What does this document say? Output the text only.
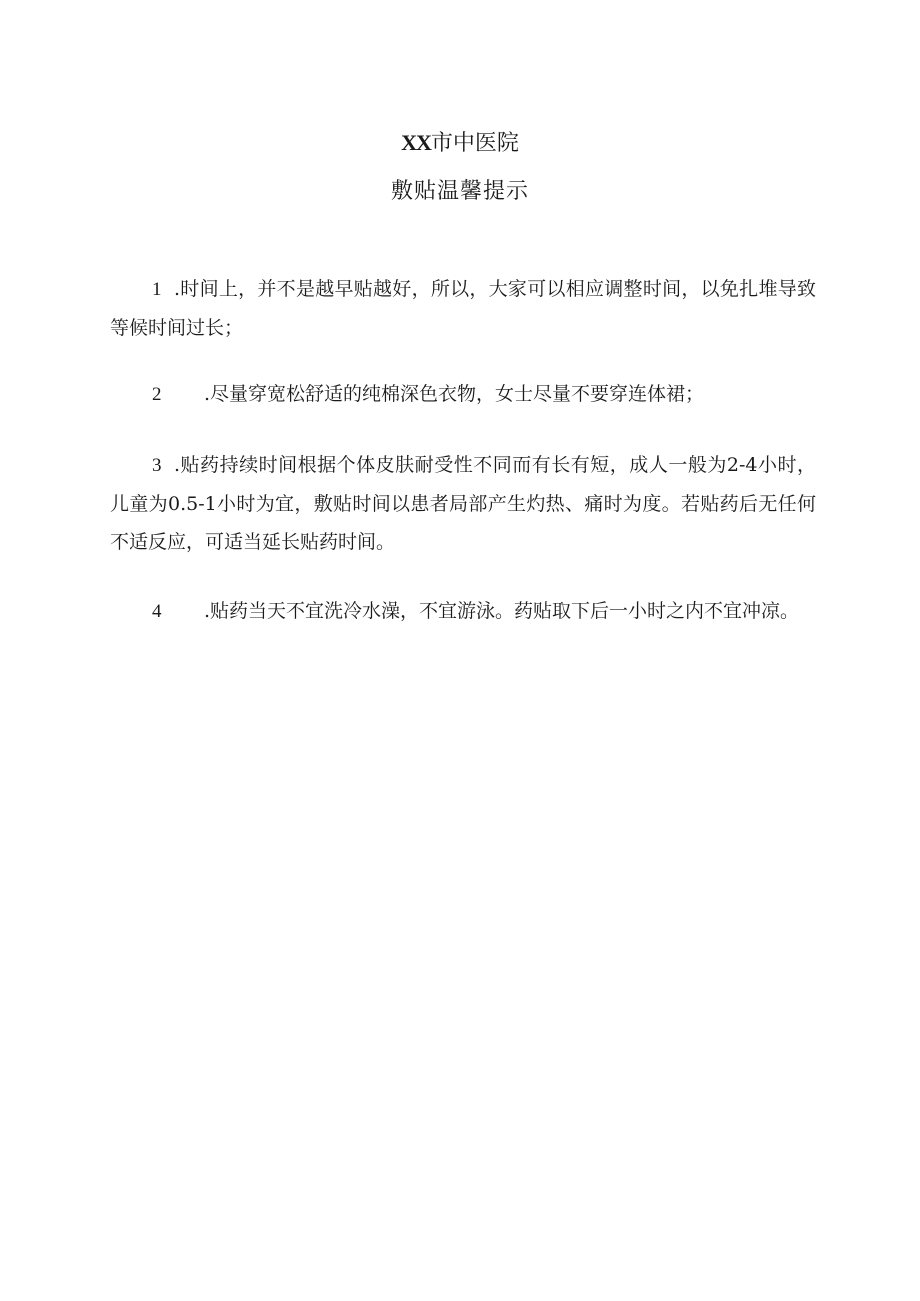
XX市中医院
敷贴温馨提示
1 .时间上，并不是越早贴越好，所以，大家可以相应调整时间，以免扎堆导致等候时间过长；
2 .尽量穿宽松舒适的纯棉深色衣物，女士尽量不要穿连体裙；
3 .贴药持续时间根据个体皮肤耐受性不同而有长有短，成人一般为2-4小时，儿童为0.5-1小时为宜，敷贴时间以患者局部产生灼热、痛时为度。若贴药后无任何不适反应，可适当延长贴药时间。
4 .贴药当天不宜洗冷水澡，不宜游泳。药贴取下后一小时之内不宜冲凉。
